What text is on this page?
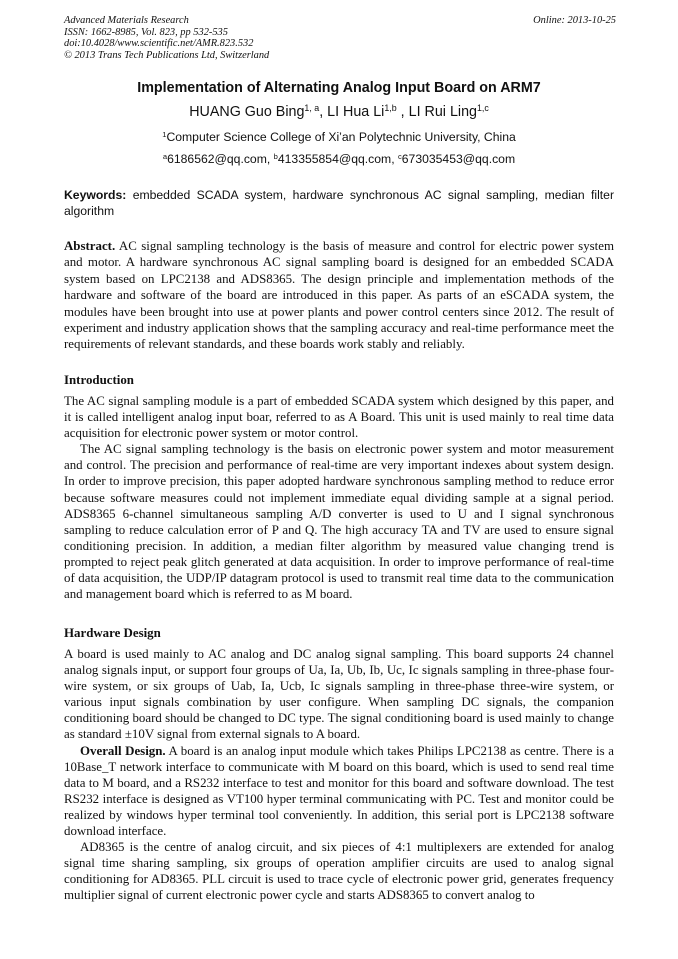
Advanced Materials Research
ISSN: 1662-8985, Vol. 823, pp 532-535
doi:10.4028/www.scientific.net/AMR.823.532
© 2013 Trans Tech Publications Ltd, Switzerland
Online: 2013-10-25
Implementation of Alternating Analog Input Board on ARM7
HUANG Guo Bing$^{1, a}$, LI Hua Li$^{1,b}$ , LI Rui Ling$^{1,c}$
$^1$Computer Science College of Xi’an Polytechnic University, China
$^a$6186562@qq.com, $^b$413355854@qq.com, $^c$673035453@qq.com
Keywords: embedded SCADA system, hardware synchronous AC signal sampling, median filter algorithm
Abstract. AC signal sampling technology is the basis of measure and control for electric power system and motor. A hardware synchronous AC signal sampling board is designed for an embedded SCADA system based on LPC2138 and ADS8365. The design principle and implementation methods of the hardware and software of the board are introduced in this paper. As parts of an eSCADA system, the modules have been brought into use at power plants and power control centers since 2012. The result of experiment and industry application shows that the sampling accuracy and real-time performance meet the requirements of relevant standards, and these boards work stably and reliably.
Introduction

The AC signal sampling module is a part of embedded SCADA system which designed by this paper, and it is called intelligent analog input boar, referred to as A Board. This unit is used mainly to real time data acquisition for electronic power system or motor control.

The AC signal sampling technology is the basis on electronic power system and motor measurement and control. The precision and performance of real-time are very important indexes about system design. In order to improve precision, this paper adopted hardware synchronous sampling method to reduce error because software measures could not implement immediate equal dividing sample at a signal period. ADS8365 6-channel simultaneous sampling A/D converter is used to U and I signal synchronous sampling to reduce calculation error of P and Q. The high accuracy TA and TV are used to ensure signal conditioning precision. In addition, a median filter algorithm by measured value changing trend is prompted to reject peak glitch generated at data acquisition. In order to improve performance of real-time of data acquisition, the UDP/IP datagram protocol is used to transmit real time data to the communication and management board which is referred to as M board.

Hardware Design

A board is used mainly to AC analog and DC analog signal sampling. This board supports 24 channel analog signals input, or support four groups of Ua, Ia, Ub, Ib, Uc, Ic signals sampling in three-phase four-wire system, or six groups of Uab, Ia, Ucb, Ic signals sampling in three-phase three-wire system, or various input signals combination by user configure. When sampling DC signals, the companion conditioning board should be changed to DC type. The signal conditioning board is used mainly to change as standard ±10V signal from external signals to A board.

Overall Design. A board is an analog input module which takes Philips LPC2138 as centre. There is a 10Base_T network interface to communicate with M board on this board, which is used to send real time data to M board, and a RS232 interface to test and monitor for this board and software download. The test RS232 interface is designed as VT100 hyper terminal communicating with PC. Test and monitor could be realized by windows hyper terminal tool conveniently. In addition, this serial port is LPC2138 software download interface.

AD8365 is the centre of analog circuit, and six pieces of 4:1 multiplexers are extended for analog signal time sharing sampling, six groups of operation amplifier circuits are used to analog signal conditioning for AD8365. PLL circuit is used to trace cycle of electronic power grid, generates frequency multiplier signal of current electronic power cycle and starts ADS8365 to convert analog to
